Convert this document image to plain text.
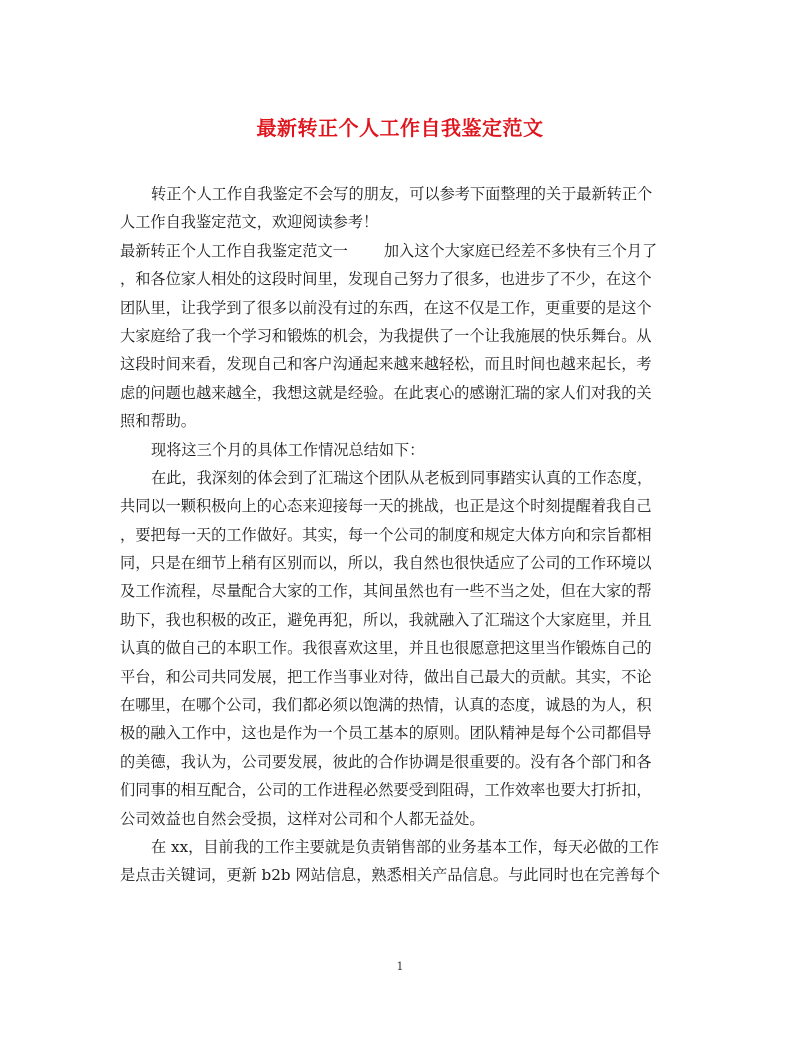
最新转正个人工作自我鉴定范文
转正个人工作自我鉴定不会写的朋友，可以参考下面整理的关于最新转正个
人工作自我鉴定范文，欢迎阅读参考！
最新转正个人工作自我鉴定范文一 加入这个大家庭已经差不多快有三个月了
，和各位家人相处的这段时间里，发现自己努力了很多，也进步了不少，在这个
团队里，让我学到了很多以前没有过的东西，在这不仅是工作，更重要的是这个
大家庭给了我一个学习和锻炼的机会，为我提供了一个让我施展的快乐舞台。从
这段时间来看，发现自己和客户沟通起来越来越轻松，而且时间也越来起长，考
虑的问题也越来越全，我想这就是经验。在此衷心的感谢汇瑞的家人们对我的关
照和帮助。
现将这三个月的具体工作情况总结如下：
在此，我深刻的体会到了汇瑞这个团队从老板到同事踏实认真的工作态度，
共同以一颗积极向上的心态来迎接每一天的挑战，也正是这个时刻提醒着我自己
，要把每一天的工作做好。其实，每一个公司的制度和规定大体方向和宗旨都相
同，只是在细节上稍有区别而以，所以，我自然也很快适应了公司的工作环境以
及工作流程，尽量配合大家的工作，其间虽然也有一些不当之处，但在大家的帮
助下，我也积极的改正，避免再犯，所以，我就融入了汇瑞这个大家庭里，并且
认真的做自己的本职工作。我很喜欢这里，并且也很愿意把这里当作锻炼自己的
平台，和公司共同发展，把工作当事业对待，做出自己最大的贡献。其实，不论
在哪里，在哪个公司，我们都必须以饱满的热情，认真的态度，诚恳的为人，积
极的融入工作中，这也是作为一个员工基本的原则。团队精神是每个公司都倡导
的美德，我认为，公司要发展，彼此的合作协调是很重要的。没有各个部门和各
们同事的相互配合，公司的工作进程必然要受到阻碍，工作效率也要大打折扣，
公司效益也自然会受损，这样对公司和个人都无益处。
在 xx，目前我的工作主要就是负责销售部的业务基本工作，每天必做的工作
是点击关键词，更新 b2b 网站信息，熟悉相关产品信息。与此同时也在完善每个
1
